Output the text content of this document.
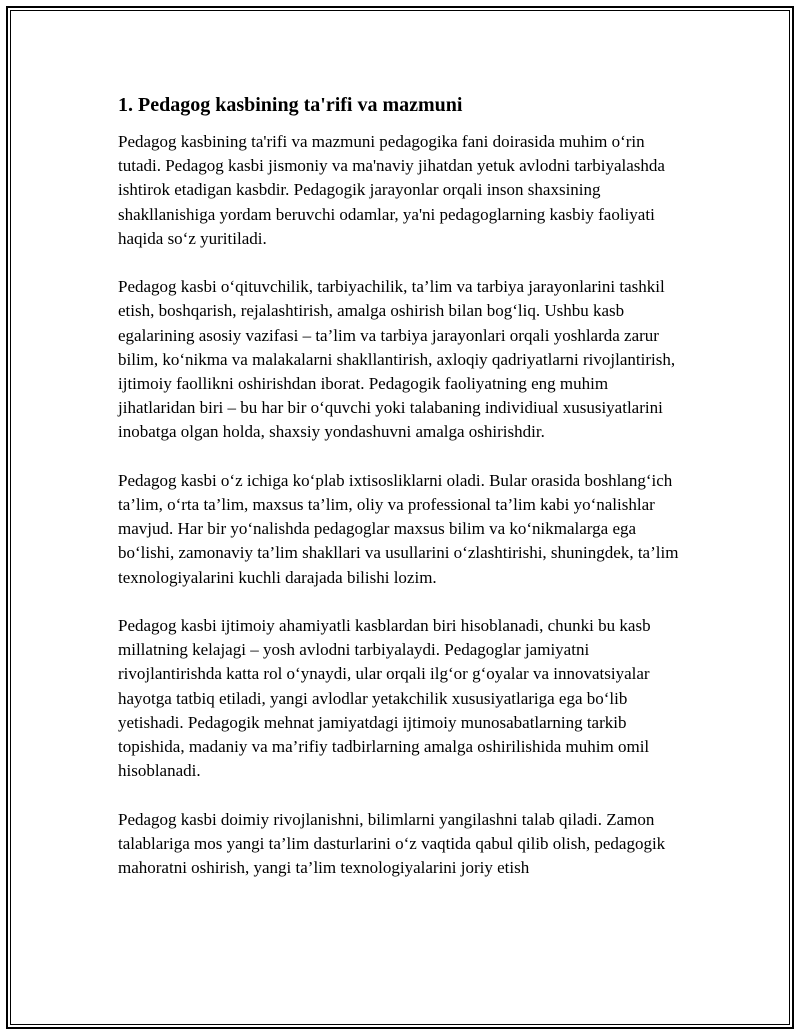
1. Pedagog kasbining ta'rifi va mazmuni

Pedagog kasbining ta'rifi va mazmuni pedagogika fani doirasida muhim oʻrin tutadi. Pedagog kasbi jismoniy va ma'naviy jihatdan yetuk avlodni tarbiyalashda ishtirok etadigan kasbdir. Pedagogik jarayonlar orqali inson shaxsining shakllanishiga yordam beruvchi odamlar, ya'ni pedagoglarning kasbiy faoliyati haqida soʻz yuritiladi.

Pedagog kasbi oʻqituvchilik, tarbiyachilik, ta’lim va tarbiya jarayonlarini tashkil etish, boshqarish, rejalashtirish, amalga oshirish bilan bogʻliq. Ushbu kasb egalarining asosiy vazifasi – ta’lim va tarbiya jarayonlari orqali yoshlarda zarur bilim, koʻnikma va malakalarni shakllantirish, axloqiy qadriyatlarni rivojlantirish, ijtimoiy faollikni oshirishdan iborat. Pedagogik faoliyatning eng muhim jihatlaridan biri – bu har bir oʻquvchi yoki talabaning individiual xususiyatlarini inobatga olgan holda, shaxsiy yondashuvni amalga oshirishdir.

Pedagog kasbi oʻz ichiga koʻplab ixtisosliklarni oladi. Bular orasida boshlangʻich ta’lim, oʻrta ta’lim, maxsus ta’lim, oliy va professional ta’lim kabi yoʻnalishlar mavjud. Har bir yoʻnalishda pedagoglar maxsus bilim va koʻnikmalarga ega boʻlishi, zamonaviy ta’lim shakllari va usullarini oʻzlashtirishi, shuningdek, ta’lim texnologiyalarini kuchli darajada bilishi lozim.

Pedagog kasbi ijtimoiy ahamiyatli kasblardan biri hisoblanadi, chunki bu kasb millatning kelajagi – yosh avlodni tarbiyalaydi. Pedagoglar jamiyatni rivojlantirishda katta rol oʻynaydi, ular orqali ilgʻor gʻoyalar va innovatsiyalar hayotga tatbiq etiladi, yangi avlodlar yetakchilik xususiyatlariga ega boʻlib yetishadi. Pedagogik mehnat jamiyatdagi ijtimoiy munosabatlarning tarkib topishida, madaniy va ma’rifiy tadbirlarning amalga oshirilishida muhim omil hisoblanadi.

Pedagog kasbi doimiy rivojlanishni, bilimlarni yangilashni talab qiladi. Zamon talablariga mos yangi ta’lim dasturlarini oʻz vaqtida qabul qilib olish, pedagogik mahoratni oshirish, yangi ta’lim texnologiyalarini joriy etish
